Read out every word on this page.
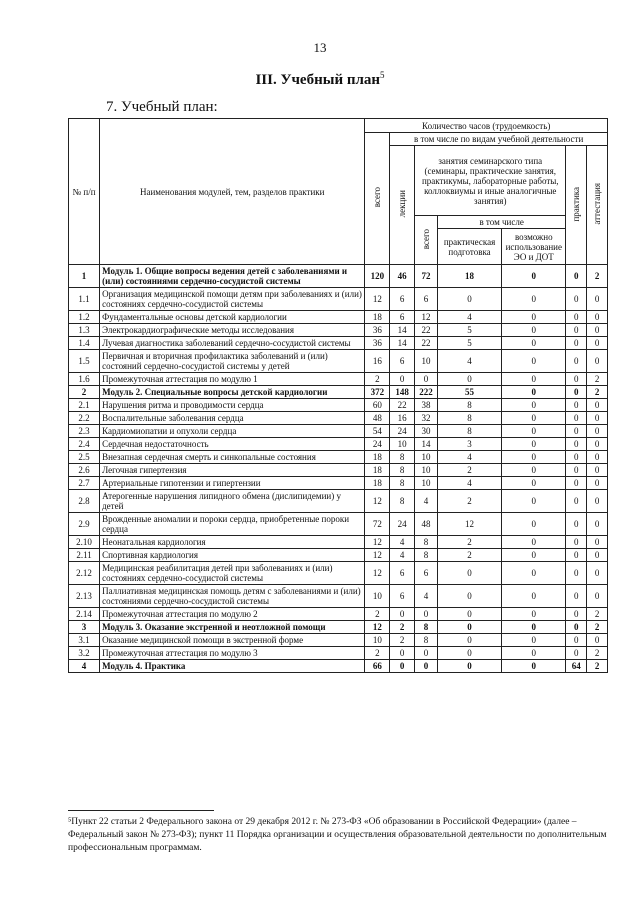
13
III. Учебный план$^5$
7. Учебный план:
№ п/п	Наименования модулей, тем, разделов практики	Количество часов (трудоемкость)						
		всего	в том числе по видам учебной деятельности					
			лекции	занятия семинарского типа (семинары, практические занятия, практикумы, лабораторные работы, коллоквиумы и иные аналогичные занятия)			практика	аттестация
				всего	в том числе			
					практическая подготовка	возможно использование ЭО и ДОТ		
1	Модуль 1. Общие вопросы ведения детей с заболеваниями и (или) состояниями сердечно-сосудистой системы	120	46	72	18	0	0	2
1.1	Организация медицинской помощи детям при заболеваниях и (или) состояниях сердечно-сосудистой системы	12	6	6	0	0	0	0
1.2	Фундаментальные основы детской кардиологии	18	6	12	4	0	0	0
1.3	Электрокардиографические методы исследования	36	14	22	5	0	0	0
1.4	Лучевая диагностика заболеваний сердечно-сосудистой системы	36	14	22	5	0	0	0
1.5	Первичная и вторичная профилактика заболеваний и (или) состояний сердечно-сосудистой системы у детей	16	6	10	4	0	0	0
1.6	Промежуточная аттестация по модулю 1	2	0	0	0	0	0	2
2	Модуль 2. Специальные вопросы детской кардиологии	372	148	222	55	0	0	2
2.1	Нарушения ритма и проводимости сердца	60	22	38	8	0	0	0
2.2	Воспалительные заболевания сердца	48	16	32	8	0	0	0
2.3	Кардиомиопатии и опухоли сердца	54	24	30	8	0	0	0
2.4	Сердечная недостаточность	24	10	14	3	0	0	0
2.5	Внезапная сердечная смерть и синкопальные состояния	18	8	10	4	0	0	0
2.6	Легочная гипертензия	18	8	10	2	0	0	0
2.7	Артериальные гипотензии и гипертензии	18	8	10	4	0	0	0
2.8	Атерогенные нарушения липидного обмена (дислипидемии) у детей	12	8	4	2	0	0	0
2.9	Врожденные аномалии и пороки сердца, приобретенные пороки сердца	72	24	48	12	0	0	0
2.10	Неонатальная кардиология	12	4	8	2	0	0	0
2.11	Спортивная кардиология	12	4	8	2	0	0	0
2.12	Медицинская реабилитация детей при заболеваниях и (или) состояниях сердечно-сосудистой системы	12	6	6	0	0	0	0
2.13	Паллиативная медицинская помощь детям с заболеваниями и (или) состояниями сердечно-сосудистой системы	10	6	4	0	0	0	0
2.14	Промежуточная аттестация по модулю 2	2	0	0	0	0	0	2
3	Модуль 3. Оказание экстренной и неотложной помощи	12	2	8	0	0	0	2
3.1	Оказание медицинской помощи в экстренной форме	10	2	8	0	0	0	0
3.2	Промежуточная аттестация по модулю 3	2	0	0	0	0	0	2
4	Модуль 4. Практика	66	0	0	0	0	64	2
⁵Пункт 22 статьи 2 Федерального закона от 29 декабря 2012 г. № 273-ФЗ «Об образовании в Российской Федерации» (далее – Федеральный закон № 273-ФЗ); пункт 11 Порядка организации и осуществления образовательной деятельности по дополнительным профессиональным программам.
